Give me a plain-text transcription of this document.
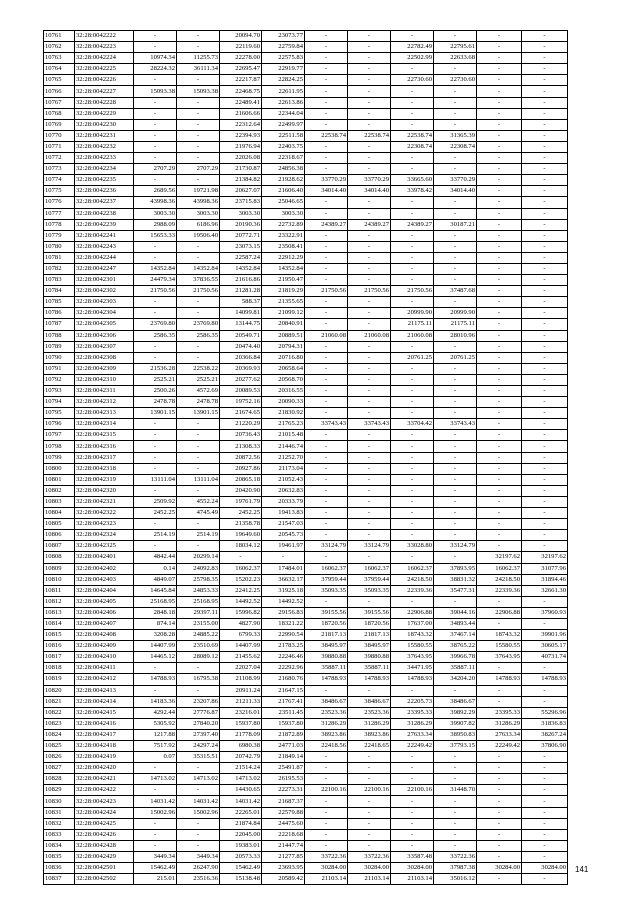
10761	32:28:0042222	-	-	20094.70	23073.77	-	-	-	-	-	-
10762	32:28:0042223	-	-	22119.60	22759.84	-	-	22782.49	22795.61	-	-
10763	32:28:0042224	10974.34	11255.73	22278.00	22575.83	-	-	22502.99	22633.68	-	-
10764	32:28:0042225	28224.32	36111.34	22695.47	22919.77	-	-	-	-	-	-
10765	32:28:0042226	-	-	22217.87	22824.25	-	-	22730.60	22730.60	-	-
10766	32:28:0042227	15093.38	15093.38	22468.75	22611.95	-	-	-	-	-	-
10767	32:28:0042228	-	-	22489.41	22613.86	-	-	-	-	-	-
10768	32:28:0042229	-	-	21606.66	22344.04	-	-	-	-	-	-
10769	32:28:0042230	-	-	22312.64	22499.97	-	-	-	-	-	-
10770	32:28:0042231	-	-	22394.93	22511.58	22538.74	22538.74	22538.74	31365.39	-	-
10771	32:28:0042232	-	-	21976.94	22403.75	-	-	22308.74	22308.74	-	-
10772	32:28:0042233	-	-	22026.08	22318.67	-	-	-	-	-	-
10773	32:28:0042234	2707.29	2707.29	21730.87	24856.38	-	-	-	-	-	-
10774	32:28:0042235	-	-	21384.82	21928.62	33770.29	33770.29	33665.60	33770.29	-	-
10775	32:28:0042236	2689.56	19721.98	20627.07	21606.40	34014.40	34014.40	33978.42	34014.40	-	-
10776	32:28:0042237	43998.36	43998.36	23715.83	25046.65	-	-	-	-	-	-
10777	32:28:0042238	3003.30	3003.30	3003.30	3003.30	-	-	-	-	-	-
10778	32:28:0042239	2988.09	6186.96	20190.36	22732.89	24389.27	24389.27	24389.27	30187.21	-	-
10779	32:28:0042241	15653.33	19506.40	20772.71	23322.91	-	-	-	-	-	-
10780	32:28:0042243	-	-	23073.15	23508.41	-	-	-	-	-	-
10781	32:28:0042244	-	-	22587.24	22912.29	-	-	-	-	-	-
10782	32:28:0042247	14352.84	14352.84	14352.84	14352.84	-	-	-	-	-	-
10783	32:28:0042301	24479.34	37836.55	21616.86	21950.47	-	-	-	-	-	-
10784	32:28:0042302	21750.56	21750.56	21281.28	21819.29	21750.56	21750.56	21750.56	37487.68	-	-
10785	32:28:0042303	-	-	588.37	21355.65	-	-	-	-	-	-
10786	32:28:0042304	-	-	14099.81	21099.12	-	-	20999.90	20999.90	-	-
10787	32:28:0042305	23769.80	23769.80	13144.75	20840.91	-	-	21175.11	21175.11	-	-
10788	32:28:0042306	2586.35	2586.35	20549.71	20889.51	21060.08	21060.08	21060.08	28010.96	-	-
10789	32:28:0042307	-	-	20474.40	20794.31	-	-	-	-	-	-
10790	32:28:0042308	-	-	20366.84	20716.80	-	-	20761.25	20761.25	-	-
10791	32:28:0042309	21536.28	22538.22	20369.93	20658.64	-	-	-	-	-	-
10792	32:28:0042310	2525.21	2525.21	20277.62	20568.70	-	-	-	-	-	-
10793	32:28:0042311	2500.26	4572.69	20089.53	20316.55	-	-	-	-	-	-
10794	32:28:0042312	2478.78	2478.78	19752.16	20090.33	-	-	-	-	-	-
10795	32:28:0042313	13901.15	13901.15	21674.65	21830.92	-	-	-	-	-	-
10796	32:28:0042314	-	-	21220.29	21765.23	33743.43	33743.43	33704.42	33743.43	-	-
10797	32:28:0042315	-	-	20736.43	21015.48	-	-	-	-	-	-
10798	32:28:0042316	-	-	21308.33	21446.74	-	-	-	-	-	-
10799	32:28:0042317	-	-	20872.56	21252.70	-	-	-	-	-	-
10800	32:28:0042318	-	-	20927.86	21173.04	-	-	-	-	-	-
10801	32:28:0042319	13111.04	13111.04	20865.18	21052.43	-	-	-	-	-	-
10802	32:28:0042320	-	-	20420.90	20632.83	-	-	-	-	-	-
10803	32:28:0042321	2509.92	4552.24	19761.79	20333.79	-	-	-	-	-	-
10804	32:28:0042322	2452.25	4745.49	2452.25	19413.83	-	-	-	-	-	-
10805	32:28:0042323	-	-	21358.78	21547.03	-	-	-	-	-	-
10806	32:28:0042324	2514.19	2514.19	19649.60	20545.73	-	-	-	-	-	-
10807	32:28:0042325	-	-	18034.12	19461.97	33124.79	33124.79	33028.80	33124.79	-	-
10808	32:28:0042401	4842.44	20299.14	-	-	-	-	-	-	32197.62	32197.62
10809	32:28:0042402	0.14	24092.83	16062.37	17484.01	16062.37	16062.37	16062.37	37893.95	16062.37	31077.96
10810	32:28:0042403	4849.07	25798.35	15202.23	36632.17	37959.44	37959.44	24218.50	38831.32	24218.50	31894.46
10811	32:28:0042404	14645.84	24853.33	22412.25	31925.18	35093.35	35093.35	22339.36	35477.31	22339.36	32661.30
10812	32:28:0042405	25168.95	25168.95	14492.52	14492.52	-	-	-	-	-	-
10813	32:28:0042406	2848.18	29397.11	15996.82	29156.83	39155.56	39155.56	22906.88	39044.16	22906.88	37960.93
10814	32:28:0042407	874.14	23155.00	4827.90	18321.22	18720.56	18720.56	17637.00	34893.44	-	-
10815	32:28:0042408	3208.28	24885.22	6799.33	22990.54	21817.13	21817.13	18743.32	37467.14	18743.32	39901.96
10816	32:28:0042409	14407.99	23510.69	14407.99	21783.25	38495.97	38495.97	15580.55	38765.22	15580.55	30605.17
10817	32:28:0042410	14465.12	28089.12	21455.62	22246.46	39880.88	39880.88	37643.95	39966.78	37643.95	40731.74
10818	32:28:0042411	-	-	22027.04	22292.96	35887.11	35887.11	34471.95	35887.11	-	-
10819	32:28:0042412	14788.93	16795.38	21108.99	21680.76	14788.93	14788.93	14788.93	34204.20	14788.93	14788.93
10820	32:28:0042413	-	-	20911.24	21647.15	-	-	-	-	-	-
10821	32:28:0042414	14183.36	23207.86	21211.33	21767.41	38486.67	38486.67	22205.73	38486.67	-	-
10822	32:28:0042415	4292.44	27776.87	23216.01	23511.45	23523.36	23523.36	23395.33	39892.29	23395.33	55296.96
10823	32:28:0042416	5305.92	27840.20	15937.80	15937.80	31286.29	31286.29	31286.29	39907.82	31286.29	31836.83
10824	32:28:0042417	1217.88	27397.40	21778.09	21872.89	38923.86	38923.86	27633.34	38950.83	27633.34	38267.24
10825	32:28:0042418	7517.92	24297.24	6980.38	24771.03	22418.56	22418.65	22249.42	37793.15	22249.42	37806.90
10826	32:28:0042419	0.07	35315.51	20742.79	21849.14	-	-	-	-	-	-
10827	32:28:0042420	-	-	21514.24	25491.87	-	-	-	-	-	-
10828	32:28:0042421	14713.02	14713.02	14713.02	26195.53	-	-	-	-	-	-
10829	32:28:0042422	-	-	14430.65	22273.31	22100.16	22100.16	22100.16	31448.70	-	-
10830	32:28:0042423	14031.42	14031.42	14031.42	21687.37	-	-	-	-	-	-
10831	32:28:0042424	15002.96	15002.96	22265.01	22579.88	-	-	-	-	-	-
10832	32:28:0042425	-	-	21874.84	24475.60	-	-	-	-	-	-
10833	32:28:0042426	-	-	22045.00	22218.68	-	-	-	-	-	-
10834	32:28:0042428	-	-	19383.01	21447.74	-	-	-	-	-	-
10835	32:28:0042429	3449.34	3449.34	20573.33	21277.85	33722.36	33722.36	33587.48	33722.36	-	-
10836	32:28:0042501	15462.49	26247.90	15462.49	23693.95	30284.00	30284.00	30284.00	37987.38	30284.00	30284.00
10837	32:28:0042502	215.01	23516.36	15138.48	20589.42	21103.14	21103.14	21103.14	35016.12	-	-
141
